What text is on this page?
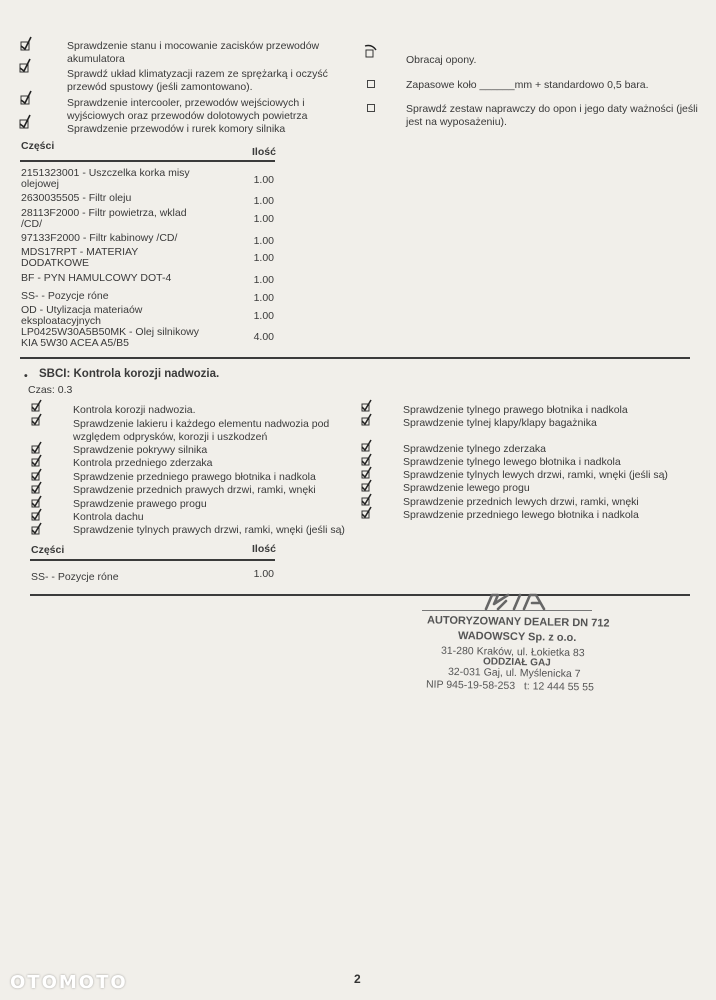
Sprawdzenie stanu i mocowanie zacisków przewodów
akumulatora
Sprawdź układ klimatyzacji razem ze sprężarką i oczyść
przewód spustowy (jeśli zamontowano).
Sprawdzenie intercooler, przewodów wejściowych i
wyjściowych oraz przewodów dolotowych powietrza
Sprawdzenie przewodów i rurek komory silnika
Obracaj opony.
Zapasowe koło ______mm + standardowo 0,5 bara.
Sprawdź zestaw naprawczy do opon i jego daty ważności (jeśli
jest na wyposażeniu).
Części	Ilość
2151323001 - Uszczelka korka misy
olejowej	1.00
2630035505 - Filtr oleju	1.00
28113F2000 - Filtr powietrza, wklad
/CD/	1.00
97133F2000 - Filtr kabinowy /CD/	1.00
MDS17RPT - MATERIAY
DODATKOWE	1.00
BF - PYN HAMULCOWY DOT-4	1.00
SS- - Pozycje róne	1.00
OD - Utylizacja materiaów
eksploatacyjnych	1.00
LP0425W30A5B50MK - Olej silnikowy
KIA 5W30 ACEA A5/B5	4.00
• SBCI: Kontrola korozji nadwozia.
Czas: 0.3
Kontrola korozji nadwozia.
Sprawdzenie lakieru i każdego elementu nadwozia pod
względem odprysków, korozji i uszkodzeń
Sprawdzenie pokrywy silnika
Kontrola przedniego zderzaka
Sprawdzenie przedniego prawego błotnika i nadkola
Sprawdzenie przednich prawych drzwi, ramki, wnęki
Sprawdzenie prawego progu
Kontrola dachu
Sprawdzenie tylnych prawych drzwi, ramki, wnęki (jeśli są)
Sprawdzenie tylnego prawego błotnika i nadkola
Sprawdzenie tylnej klapy/klapy bagażnika
Sprawdzenie tylnego zderzaka
Sprawdzenie tylnego lewego błotnika i nadkola
Sprawdzenie tylnych lewych drzwi, ramki, wnęki (jeśli są)
Sprawdzenie lewego progu
Sprawdzenie przednich lewych drzwi, ramki, wnęki
Sprawdzenie przedniego lewego błotnika i nadkola
Części	Ilość
SS- - Pozycje róne	1.00
AUTORYZOWANY DEALER DN 712
WADOWSCY Sp. z o.o.
31-280 Kraków, ul. Łokietka 83
ODDZIAŁ GAJ
32-031 Gaj, ul. Myślenicka 7
NIP 945-19-58-253   t: 12 444 55 55
2
OTOMOTO
